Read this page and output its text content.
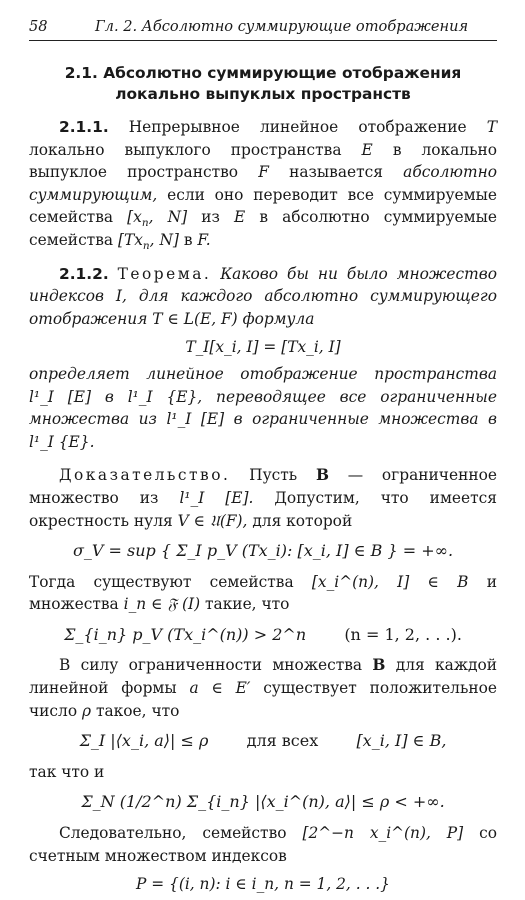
58	Гл. 2. Абсолютно суммирующие отображения
2.1. Абсолютно суммирующие отображения локально выпуклых пространств

2.1.1. Непрерывное линейное отображение T локально выпуклого пространства E в локально выпуклое пространство F называется абсолютно суммирующим, если оно переводит все суммируемые семейства [$x_n$, N] из E в абсолютно суммируемые семейства [$Tx_n$, N] в F.

2.1.2. Теорема. Каково бы ни было множество индексов I, для каждого абсолютно суммирующего отображения T ∈ L(E, F) формула

T_I[x_i, I] = [Tx_i, I]

определяет линейное отображение пространства l¹_I [E] в l¹_I {E}, переводящее все ограниченные множества из l¹_I [E] в ограниченные множества в l¹_I {E}.

Доказательство. Пусть B — ограниченное множество из l¹_I [E]. Допустим, что имеется окрестность нуля V ∈ 𝔘(F), для которой

σ_V = sup { Σ_I p_V (Tx_i): [x_i, I] ∈ B } = +∞.

Тогда существуют семейства [x_i^(n), I] ∈ B и множества i_n ∈ 𝔉 (I) такие, что

Σ_{i_n} p_V (Tx_i^(n)) > 2^n (n = 1, 2, . . .).

В силу ограниченности множества B для каждой линейной формы a ∈ E′ существует положительное число ρ такое, что

Σ_I |⟨x_i, a⟩| ≤ ρ для всех [x_i, I] ∈ B,

так что и

Σ_N (1/2^n) Σ_{i_n} |⟨x_i^(n), a⟩| ≤ ρ < +∞.

Следовательно, семейство [2^−n x_i^(n), P] со счетным множеством индексов

P = {(i, n): i ∈ i_n, n = 1, 2, . . .}
